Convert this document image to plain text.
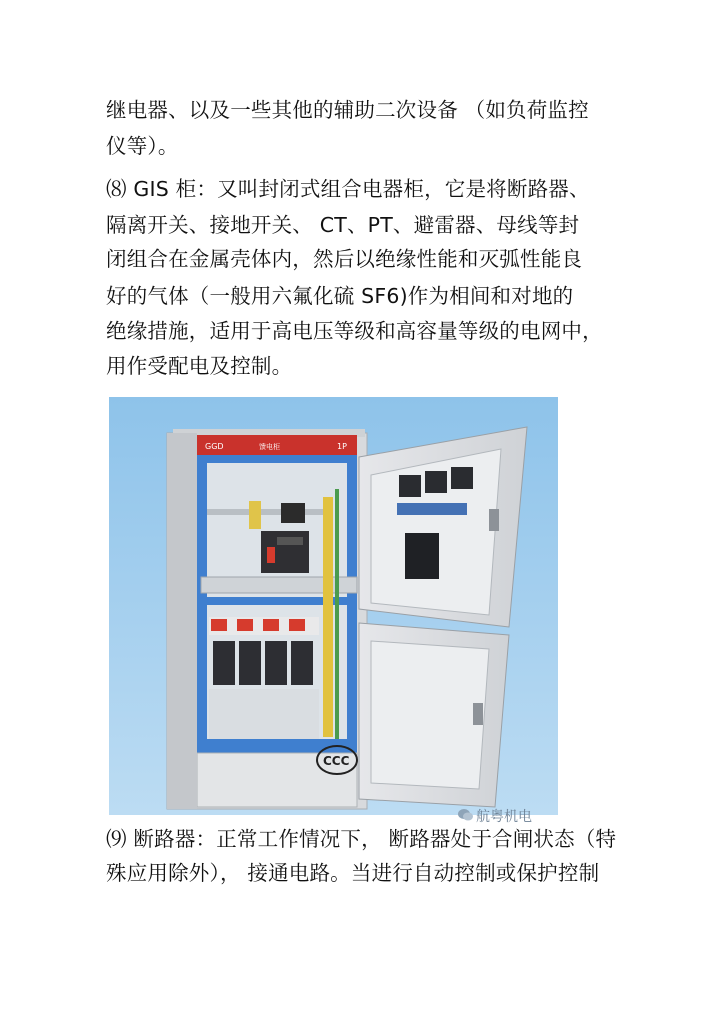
继电器、以及一些其他的辅助二次设备 （如负荷监控
仪等）。
⑻ GIS 柜：又叫封闭式组合电器柜，它是将断路器、
隔离开关、接地开关、 CT、PT、避雷器、母线等封
闭组合在金属壳体内，然后以绝缘性能和灭弧性能良
好的气体（一般用六氟化硫 SF6)作为相间和对地的
绝缘措施，适用于高电压等级和高容量等级的电网中，
用作受配电及控制。
GGD	馈电柜	1P
CCC
航粤机电
⑼ 断路器：正常工作情况下， 断路器处于合闸状态（特
殊应用除外）， 接通电路。当进行自动控制或保护控制
